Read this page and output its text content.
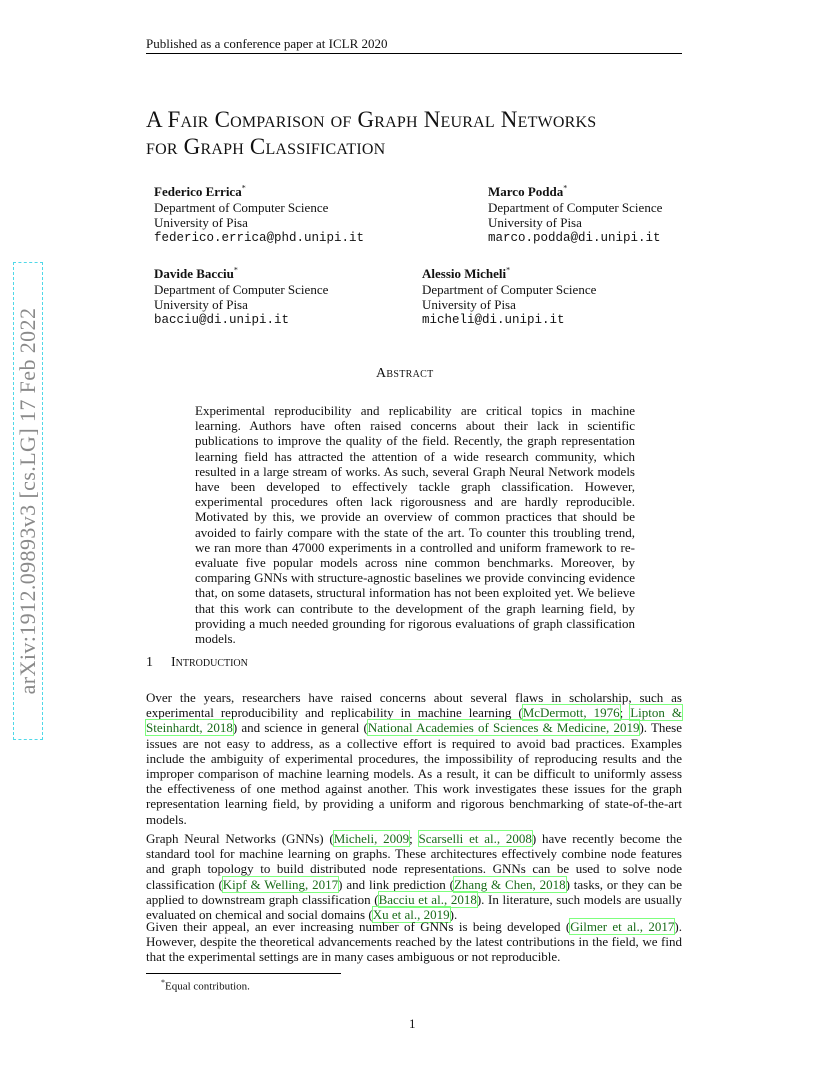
arXiv:1912.09893v3 [cs.LG] 17 Feb 2022
Published as a conference paper at ICLR 2020
A Fair Comparison of Graph Neural Networks
for Graph Classification
Federico Errica*
Department of Computer Science
University of Pisa
federico.errica@phd.unipi.it
Marco Podda*
Department of Computer Science
University of Pisa
marco.podda@di.unipi.it
Davide Bacciu*
Department of Computer Science
University of Pisa
bacciu@di.unipi.it
Alessio Micheli*
Department of Computer Science
University of Pisa
micheli@di.unipi.it
Abstract
Experimental reproducibility and replicability are critical topics in machine learning. Authors have often raised concerns about their lack in scientific publications to improve the quality of the field. Recently, the graph representation learning field has attracted the attention of a wide research community, which resulted in a large stream of works. As such, several Graph Neural Network models have been developed to effectively tackle graph classification. However, experimental procedures often lack rigorousness and are hardly reproducible. Motivated by this, we provide an overview of common practices that should be avoided to fairly compare with the state of the art. To counter this troubling trend, we ran more than 47000 experiments in a controlled and uniform framework to re-evaluate five popular models across nine common benchmarks. Moreover, by comparing GNNs with structure-agnostic baselines we provide convincing evidence that, on some datasets, structural information has not been exploited yet. We believe that this work can contribute to the development of the graph learning field, by providing a much needed grounding for rigorous evaluations of graph classification models.
1 Introduction
Over the years, researchers have raised concerns about several flaws in scholarship, such as experimental reproducibility and replicability in machine learning (McDermott, 1976; Lipton & Steinhardt, 2018) and science in general (National Academies of Sciences & Medicine, 2019). These issues are not easy to address, as a collective effort is required to avoid bad practices. Examples include the ambiguity of experimental procedures, the impossibility of reproducing results and the improper comparison of machine learning models. As a result, it can be difficult to uniformly assess the effectiveness of one method against another. This work investigates these issues for the graph representation learning field, by providing a uniform and rigorous benchmarking of state-of-the-art models.
Graph Neural Networks (GNNs) (Micheli, 2009; Scarselli et al., 2008) have recently become the standard tool for machine learning on graphs. These architectures effectively combine node features and graph topology to build distributed node representations. GNNs can be used to solve node classification (Kipf & Welling, 2017) and link prediction (Zhang & Chen, 2018) tasks, or they can be applied to downstream graph classification (Bacciu et al., 2018). In literature, such models are usually evaluated on chemical and social domains (Xu et al., 2019).
Given their appeal, an ever increasing number of GNNs is being developed (Gilmer et al., 2017). However, despite the theoretical advancements reached by the latest contributions in the field, we find that the experimental settings are in many cases ambiguous or not reproducible.
*Equal contribution.
1
